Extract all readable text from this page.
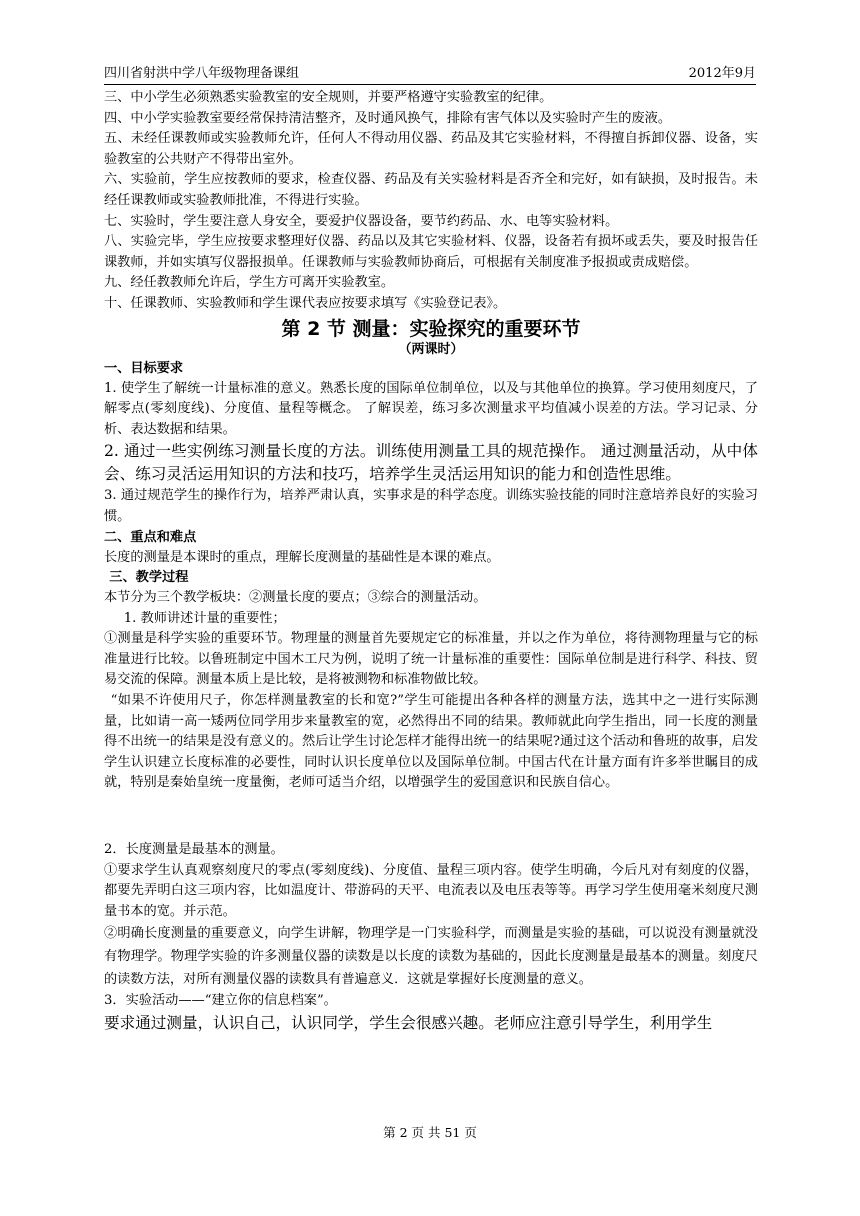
四川省射洪中学八年级物理备课组	2012年9月

三、中小学生必须熟悉实验教室的安全规则，并要严格遵守实验教室的纪律。

四、中小学实验教室要经常保持清洁整齐，及时通风换气，排除有害气体以及实验时产生的废液。

五、未经任课教师或实验教师允许，任何人不得动用仪器、药品及其它实验材料，不得擅自拆卸仪器、设备，实验教室的公共财产不得带出室外。

六、实验前，学生应按教师的要求，检查仪器、药品及有关实验材料是否齐全和完好，如有缺损，及时报告。未经任课教师或实验教师批准，不得进行实验。

七、实验时，学生要注意人身安全，要爱护仪器设备，要节约药品、水、电等实验材料。

八、实验完毕，学生应按要求整理好仪器、药品以及其它实验材料、仪器，设备若有损坏或丢失，要及时报告任课教师，并如实填写仪器报损单。任课教师与实验教师协商后，可根据有关制度准予报损或责成赔偿。

九、经任教教师允许后，学生方可离开实验教室。

十、任课教师、实验教师和学生课代表应按要求填写《实验登记表》。

第 2 节 测量：实验探究的重要环节

（两课时）

一、目标要求

1. 使学生了解统一计量标准的意义。熟悉长度的国际单位制单位，以及与其他单位的换算。学习使用刻度尺，了解零点(零刻度线)、分度值、量程等概念。 了解误差，练习多次测量求平均值减小误差的方法。学习记录、分析、表达数据和结果。

2. 通过一些实例练习测量长度的方法。训练使用测量工具的规范操作。 通过测量活动，从中体会、练习灵活运用知识的方法和技巧，培养学生灵活运用知识的能力和创造性思维。

3. 通过规范学生的操作行为，培养严肃认真，实事求是的科学态度。训练实验技能的同时注意培养良好的实验习惯。

二、重点和难点

长度的测量是本课时的重点，理解长度测量的基础性是本课的难点。

三、教学过程

本节分为三个教学板块：②测量长度的要点；③综合的测量活动。

1. 教师讲述计量的重要性；

①测量是科学实验的重要环节。物理量的测量首先要规定它的标准量，并以之作为单位，将待测物理量与它的标准量进行比较。以鲁班制定中国木工尺为例，说明了统一计量标准的重要性：国际单位制是进行科学、科技、贸易交流的保障。测量本质上是比较，是将被测物和标准物做比较。

“如果不许使用尺子，你怎样测量教室的长和宽?”学生可能提出各种各样的测量方法，选其中之一进行实际测量，比如请一高一矮两位同学用步来量教室的宽，必然得出不同的结果。教师就此向学生指出，同一长度的测量得不出统一的结果是没有意义的。然后让学生讨论怎样才能得出统一的结果呢?通过这个活动和鲁班的故事，启发学生认识建立长度标准的必要性，同时认识长度单位以及国际单位制。中国古代在计量方面有许多举世瞩目的成就，特别是秦始皇统一度量衡，老师可适当介绍，以增强学生的爱国意识和民族自信心。

2．长度测量是最基本的测量。

①要求学生认真观察刻度尺的零点(零刻度线)、分度值、量程三项内容。使学生明确，今后凡对有刻度的仪器，都要先弄明白这三项内容，比如温度计、带游码的天平、电流表以及电压表等等。再学习学生使用毫米刻度尺测量书本的宽。并示范。

②明确长度测量的重要意义，向学生讲解，物理学是一门实验科学，而测量是实验的基础，可以说没有测量就没有物理学。物理学实验的许多测量仪器的读数是以长度的读数为基础的，因此长度测量是最基本的测量。刻度尺的读数方法，对所有测量仪器的读数具有普遍意义．这就是掌握好长度测量的意义。

3．实验活动——“建立你的信息档案”。

要求通过测量，认识自己，认识同学，学生会很感兴趣。老师应注意引导学生，利用学生

第 2 页 共 51 页
